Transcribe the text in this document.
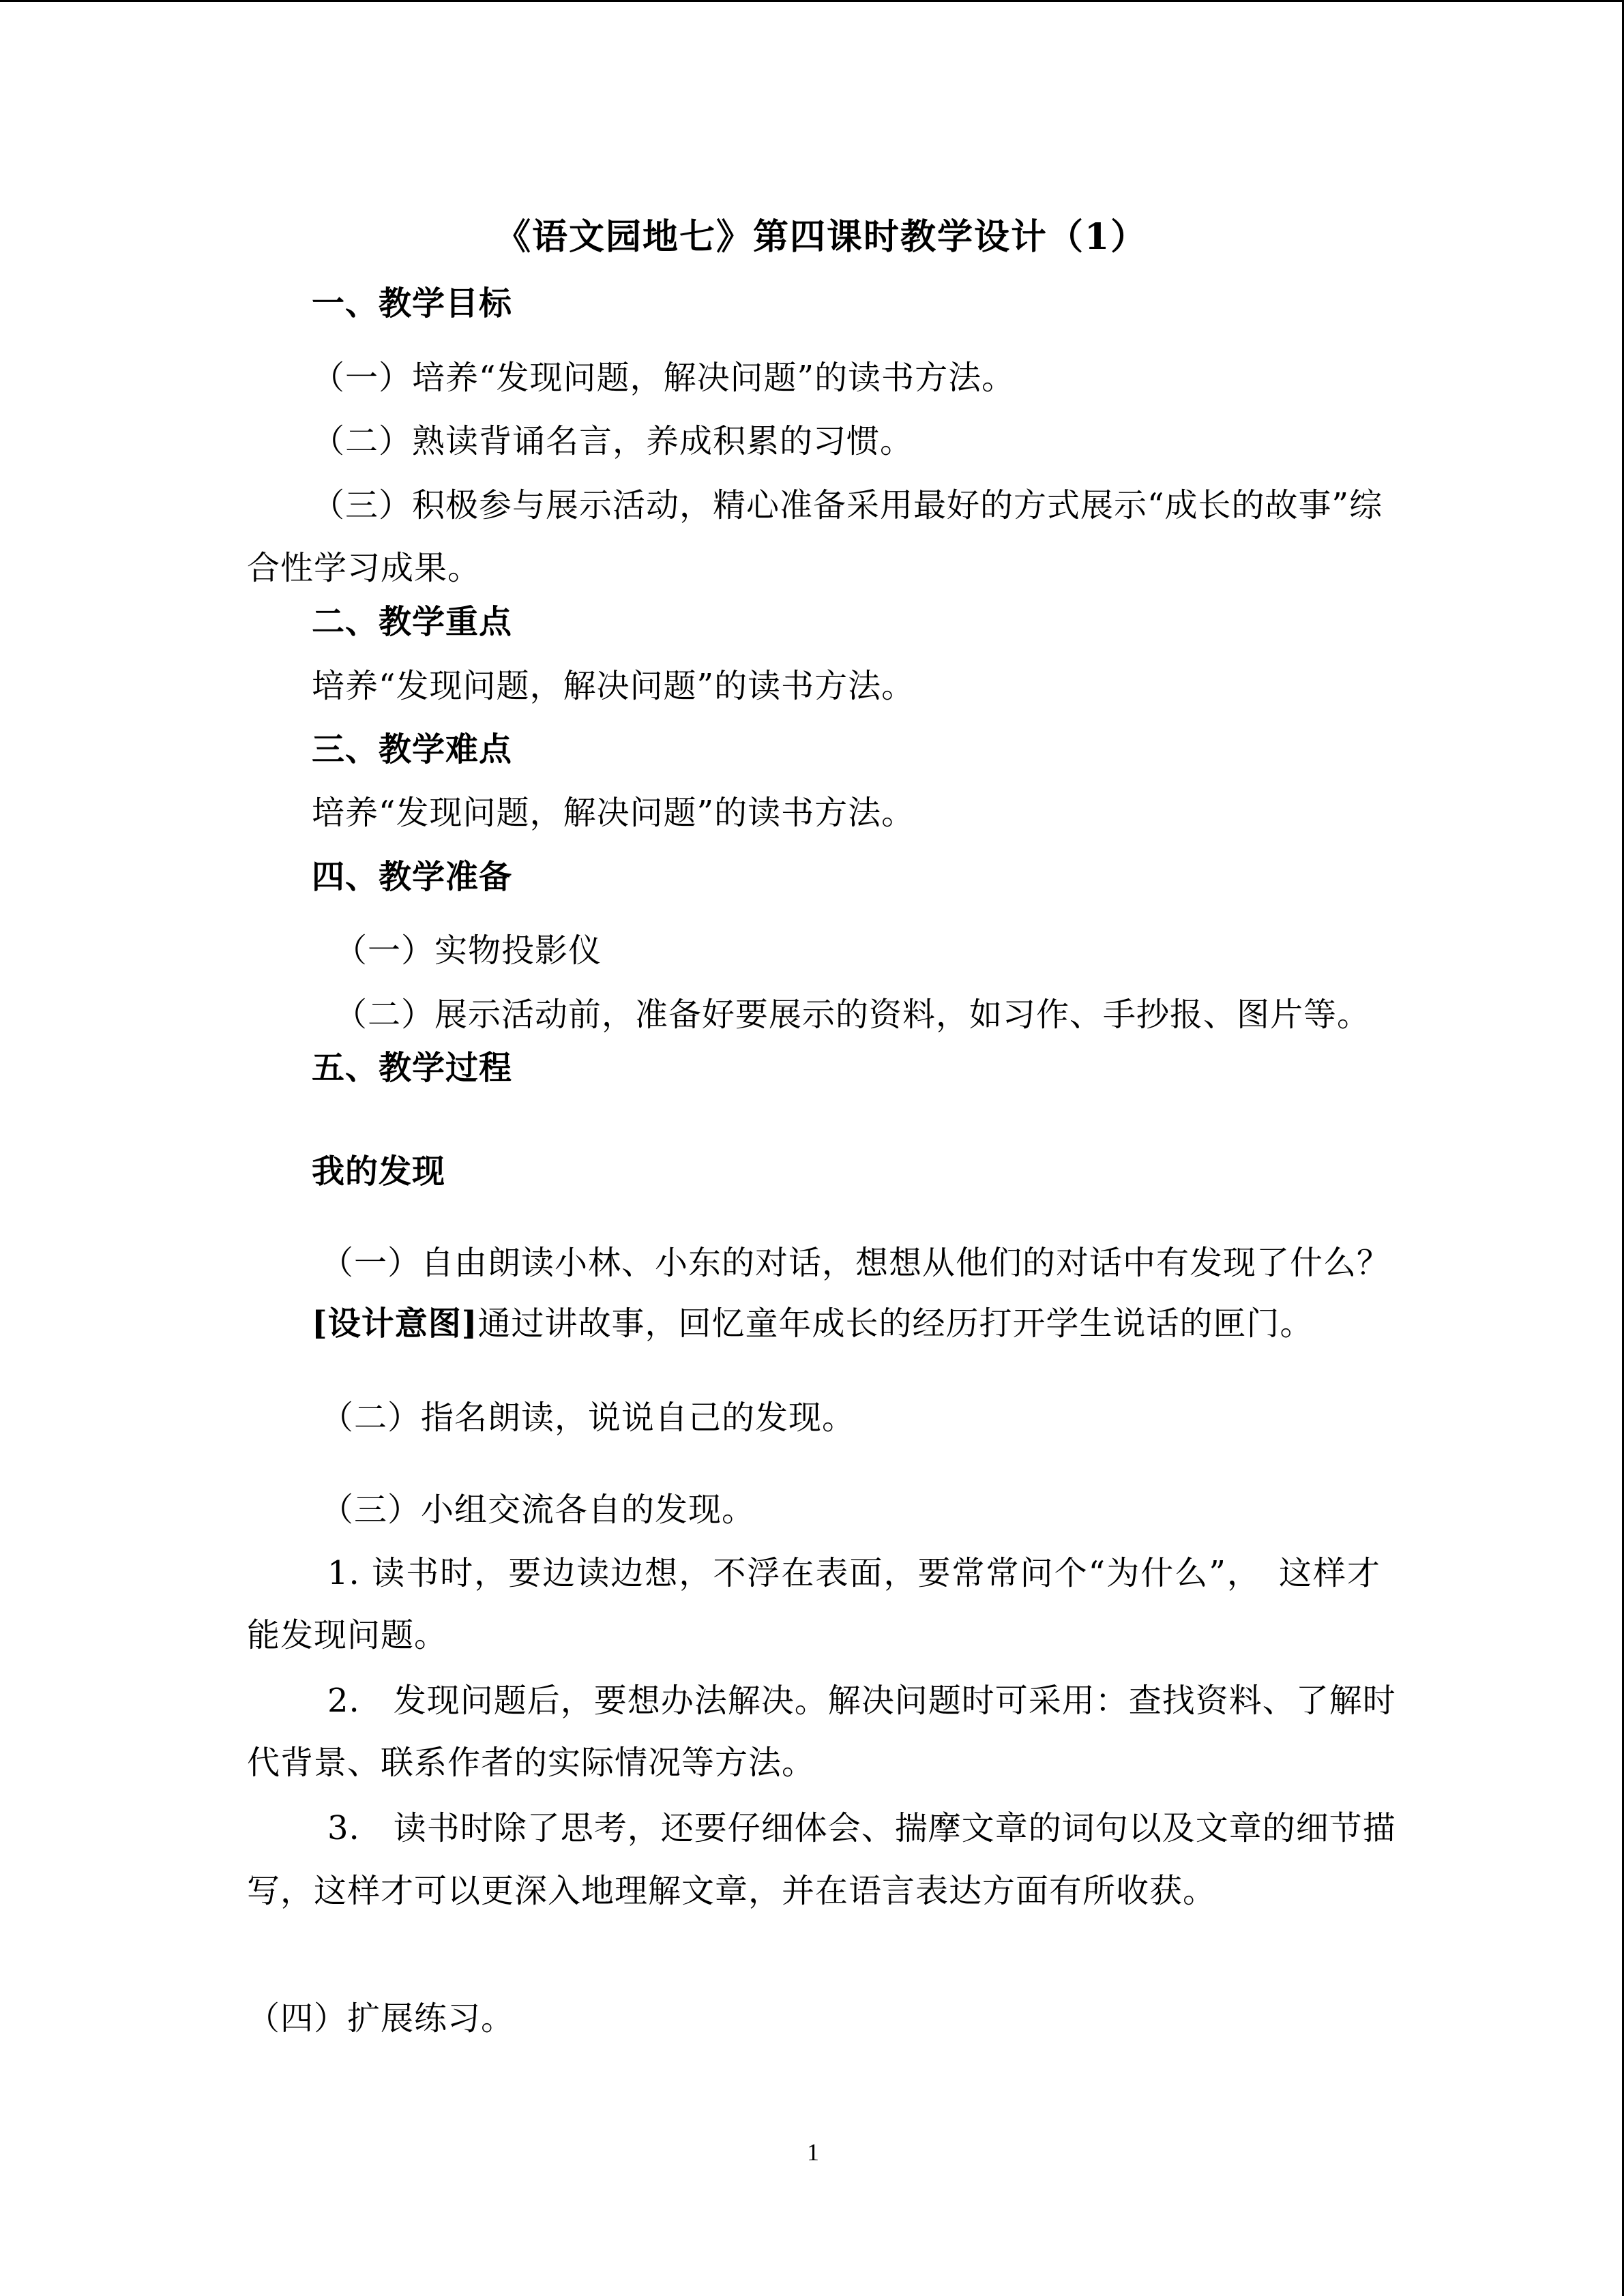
《语文园地七》第四课时教学设计（1）
一、教学目标
（一）培养“发现问题，解决问题”的读书方法。
（二）熟读背诵名言，养成积累的习惯。
（三）积极参与展示活动，精心准备采用最好的方式展示“成长的故事”综
合性学习成果。
二、教学重点
培养“发现问题，解决问题”的读书方法。
三、教学难点
培养“发现问题，解决问题”的读书方法。
四、教学准备
（一）实物投影仪
（二）展示活动前，准备好要展示的资料，如习作、手抄报、图片等。
五、教学过程
我的发现
（一）自由朗读小林、小东的对话，想想从他们的对话中有发现了什么？
[设计意图]通过讲故事，回忆童年成长的经历打开学生说话的匣门。
（二）指名朗读，说说自己的发现。
（三）小组交流各自的发现。
1. 读书时，要边读边想，不浮在表面，要常常问个“为什么”，　这样才
能发现问题。
2.　发现问题后，要想办法解决。解决问题时可采用：查找资料、了解时
代背景、联系作者的实际情况等方法。
3.　读书时除了思考，还要仔细体会、揣摩文章的词句以及文章的细节描
写，这样才可以更深入地理解文章，并在语言表达方面有所收获。
（四）扩展练习。
1
